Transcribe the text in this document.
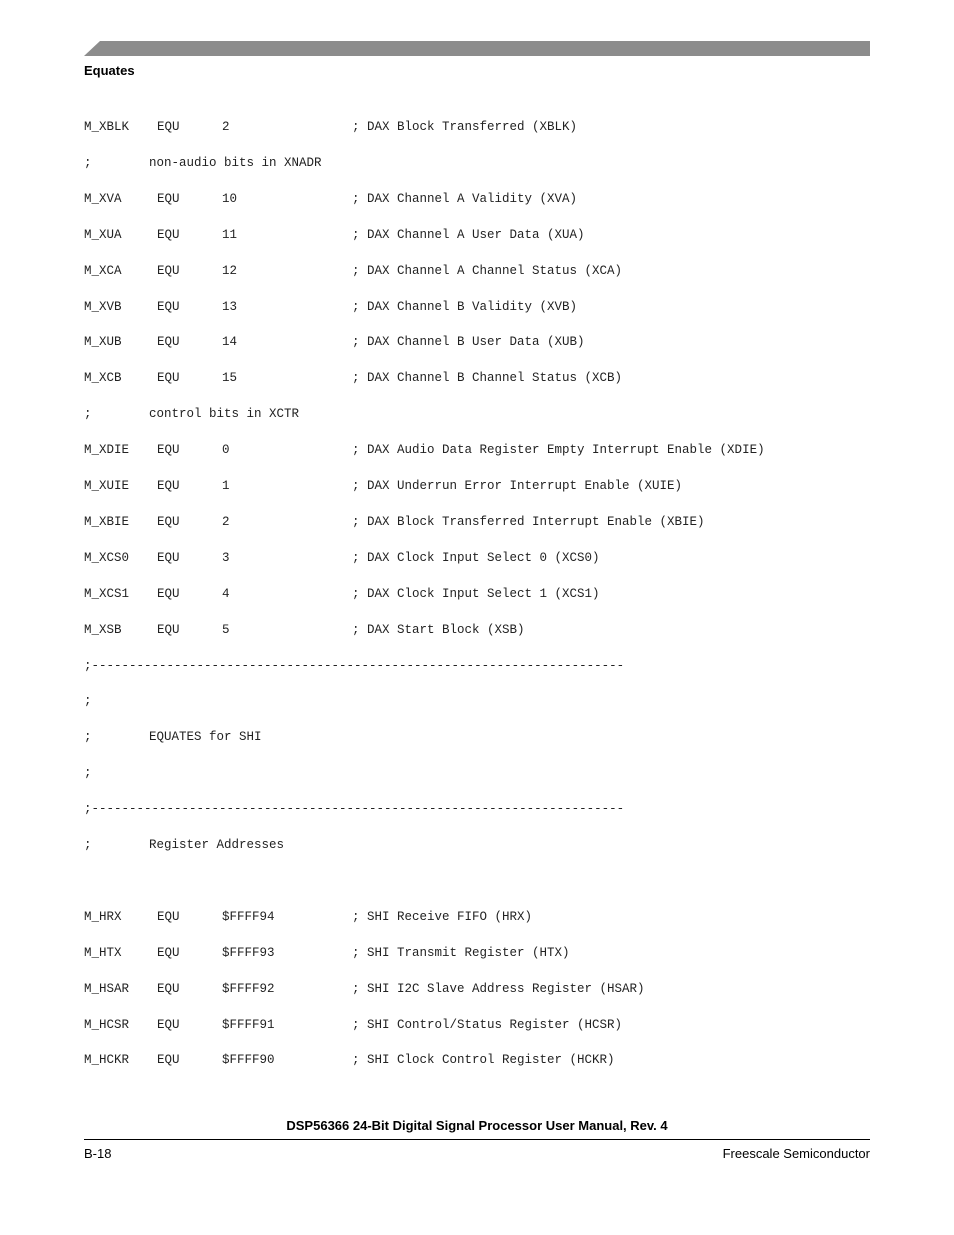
Equates
M_XBLK EQU	2	; DAX Block Transferred (XBLK)
;	non-audio bits in XNADR
M_XVA	EQU	10	; DAX Channel A Validity (XVA)
M_XUA	EQU	11	; DAX Channel A User Data (XUA)
M_XCA	EQU	12	; DAX Channel A Channel Status (XCA)
M_XVB	EQU	13	; DAX Channel B Validity (XVB)
M_XUB	EQU	14	; DAX Channel B User Data (XUB)
M_XCB	EQU	15	; DAX Channel B Channel Status (XCB)
;	control bits in XCTR
M_XDIE EQU	0	; DAX Audio Data Register Empty Interrupt Enable (XDIE)
M_XUIE EQU	1	; DAX Underrun Error Interrupt Enable (XUIE)
M_XBIE EQU	2	; DAX Block Transferred Interrupt Enable (XBIE)
M_XCS0 EQU	3	; DAX Clock Input Select 0 (XCS0)
M_XCS1 EQU	4	; DAX Clock Input Select 1 (XCS1)
M_XSB	EQU	5	; DAX Start Block (XSB)
;-----------------------------------------------------------------------
;
;	EQUATES for SHI
;
;-----------------------------------------------------------------------
;	Register Addresses
M_HRX	EQU	$FFFF94	; SHI Receive FIFO (HRX)
M_HTX	EQU	$FFFF93	; SHI Transmit Register (HTX)
M_HSAR EQU	$FFFF92	; SHI I2C Slave Address Register (HSAR)
M_HCSR EQU	$FFFF91	; SHI Control/Status Register (HCSR)
M_HCKR EQU	$FFFF90	; SHI Clock Control Register (HCKR)
DSP56366 24-Bit Digital Signal Processor User Manual, Rev. 4
B-18	Freescale Semiconductor
